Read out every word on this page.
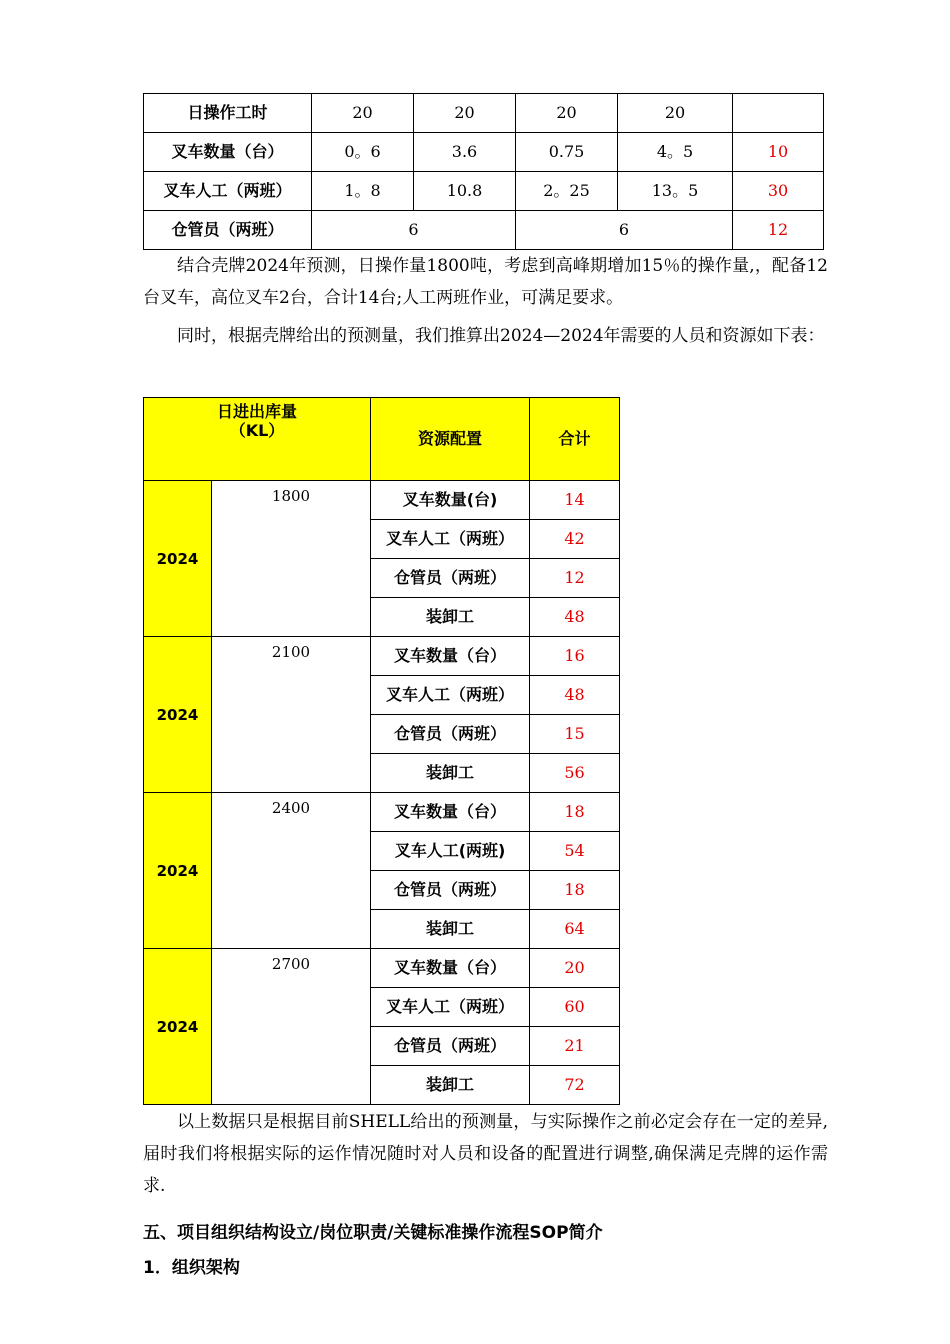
日操作工时	20	20	20	20	
叉车数量（台）	0。6	3.6	0.75	4。5	10
叉车人工（两班）	1。8	10.8	2。25	13。5	30
仓管员（两班）	6		6		12

结合壳牌2024年预测，日操作量1800吨，考虑到高峰期增加15％的操作量,，配备12台叉车，高位叉车2台，合计14台;人工两班作业，可满足要求。

同时，根据壳牌给出的预测量，我们推算出2024—2024年需要的人员和资源如下表：

日进出库量
（KL）		资源配置	合计
2024	1800	叉车数量(台)	14
		叉车人工（两班）	42
		仓管员（两班）	12
		装卸工	48
2024	2100	叉车数量（台）	16
		叉车人工（两班）	48
		仓管员（两班）	15
		装卸工	56
2024	2400	叉车数量（台）	18
		叉车人工(两班)	54
		仓管员（两班）	18
		装卸工	64
2024	2700	叉车数量（台）	20
		叉车人工（两班）	60
		仓管员（两班）	21
		装卸工	72

以上数据只是根据目前SHELL给出的预测量，与实际操作之前必定会存在一定的差异,届时我们将根据实际的运作情况随时对人员和设备的配置进行调整,确保满足壳牌的运作需求.

五、项目组织结构设立/岗位职责/关键标准操作流程SOP简介

1．组织架构
